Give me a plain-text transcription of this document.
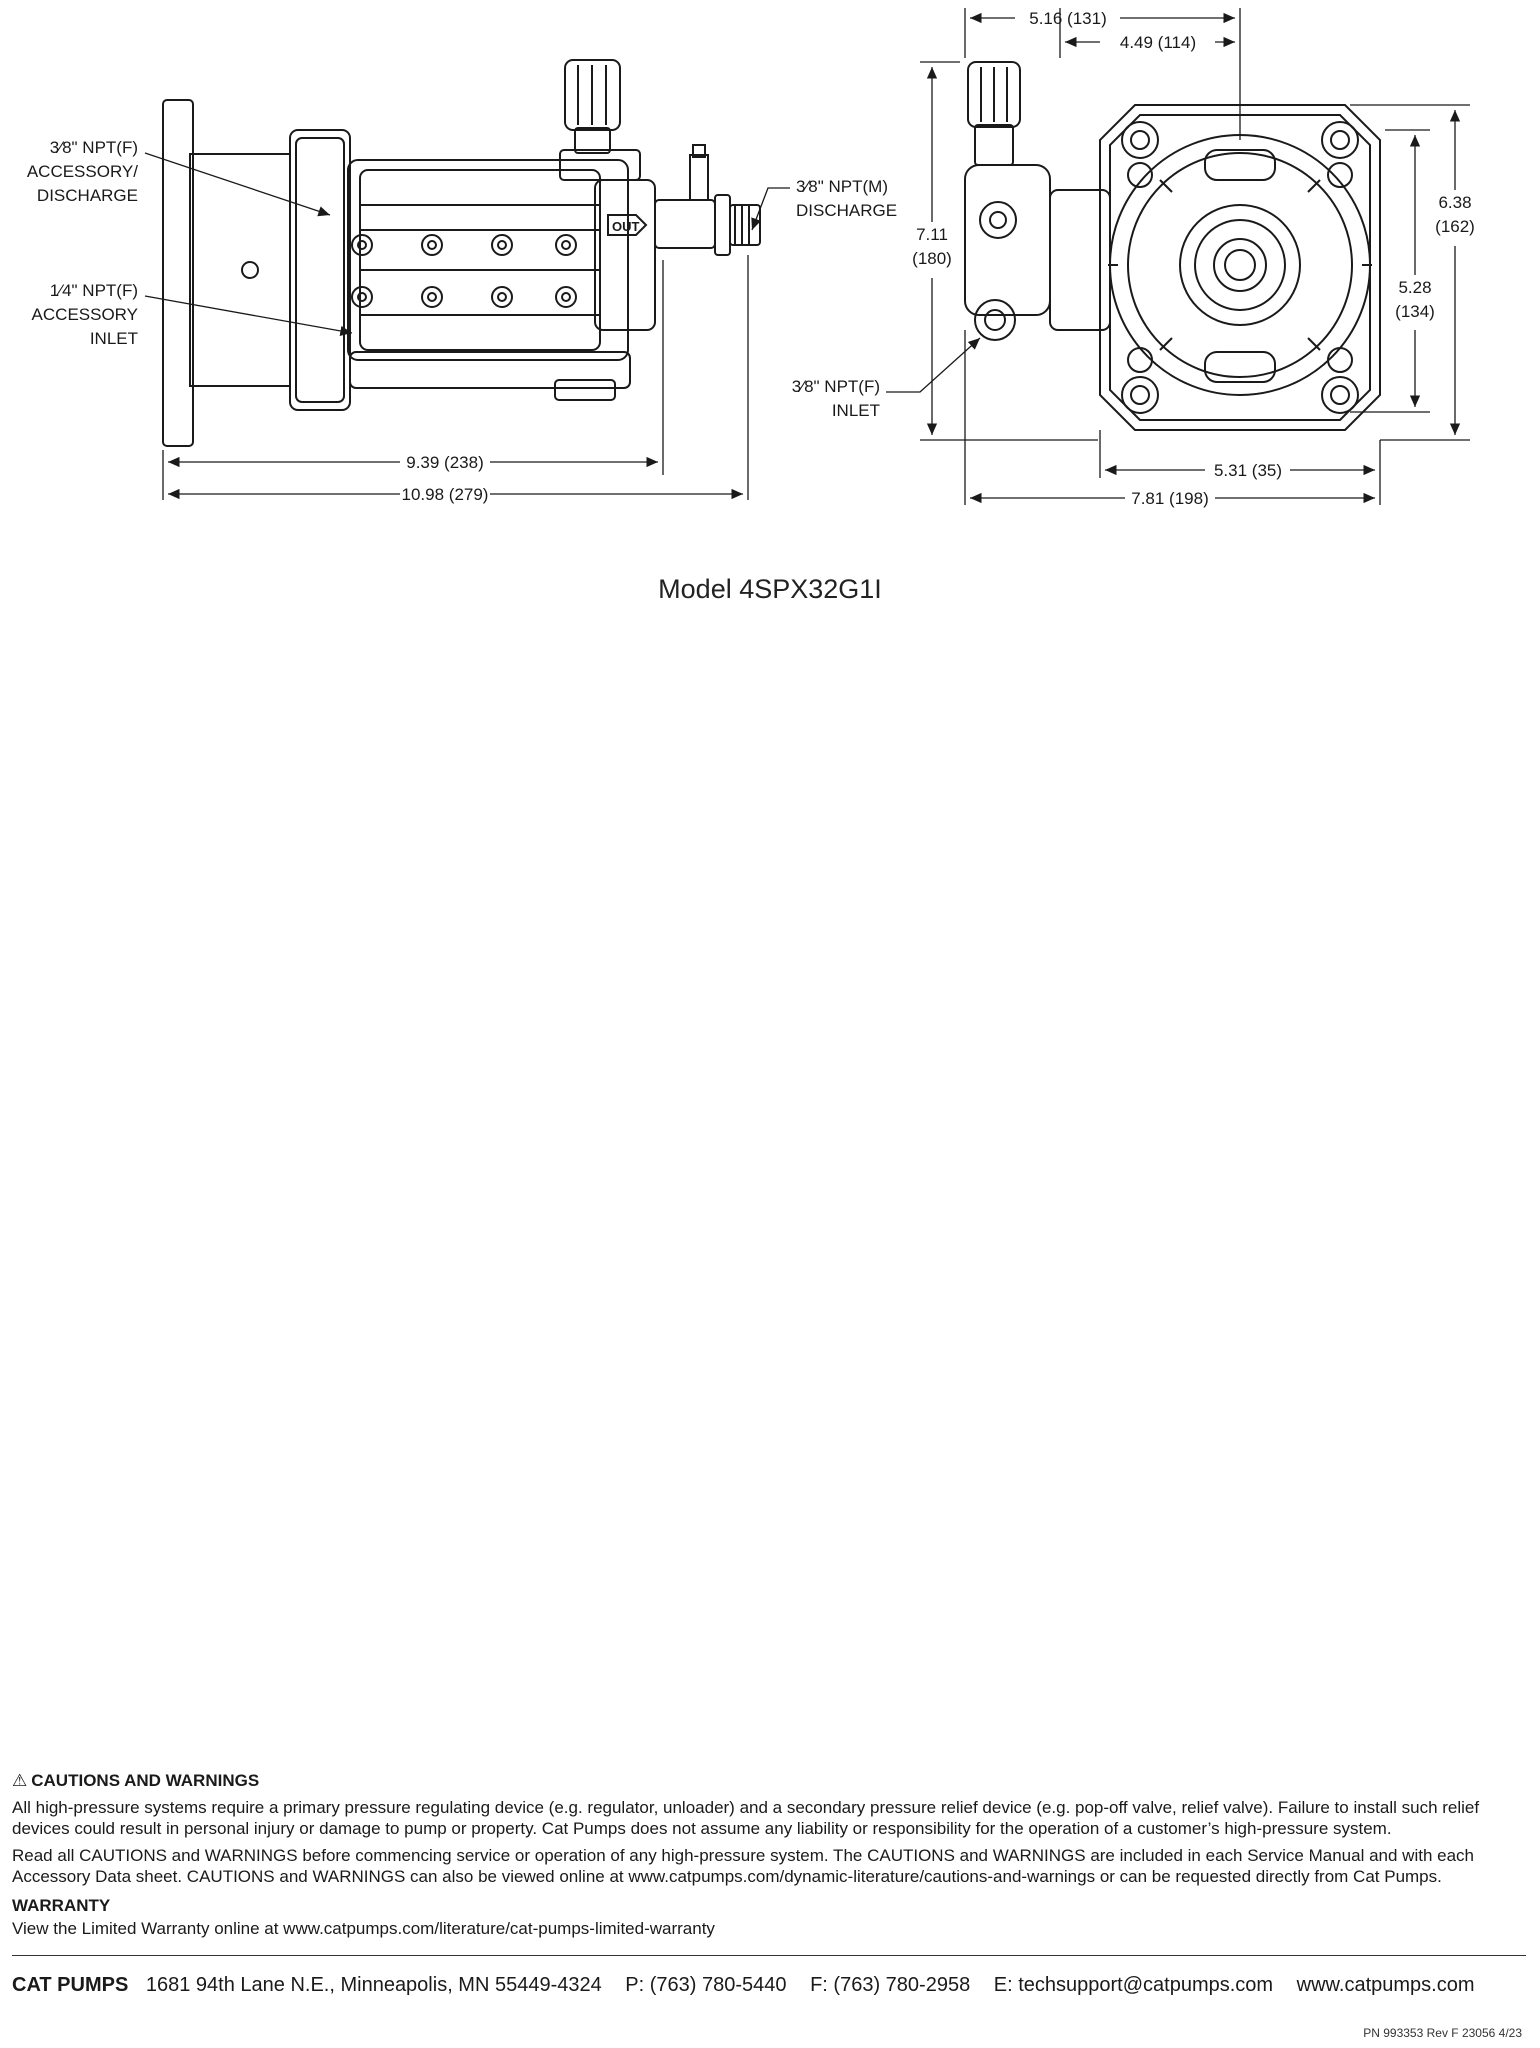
OUT
3⁄8" NPT(F)
ACCESSORY/
DISCHARGE
1⁄4" NPT(F)
ACCESSORY
INLET
3⁄8" NPT(M)
DISCHARGE
9.39 (238)
10.98 (279)
3⁄8" NPT(F)
INLET
5.16 (131)
4.49 (114)
7.11
(180)
6.38
(162)
5.28
(134)
5.31 (35)
7.81 (198)
Model 4SPX32G1I

⚠ CAUTIONS AND WARNINGS

All high-pressure systems require a primary pressure regulating device (e.g. regulator, unloader) and a secondary pressure relief device (e.g. pop-off valve, relief valve). Failure to install such relief devices could result in personal injury or damage to pump or property. Cat Pumps does not assume any liability or responsibility for the operation of a customer’s high-pressure system.

Read all CAUTIONS and WARNINGS before commencing service or operation of any high-pressure system. The CAUTIONS and WARNINGS are included in each Service Manual and with each Accessory Data sheet. CAUTIONS and WARNINGS can also be viewed online at www.catpumps.com/dynamic-literature/cautions-and-warnings or can be requested directly from Cat Pumps.

WARRANTY

View the Limited Warranty online at www.catpumps.com/literature/cat-pumps-limited-warranty

CAT PUMPS 1681 94th Lane N.E., Minneapolis, MN 55449-4324 P: (763) 780-5440 F: (763) 780-2958 E: techsupport@catpumps.com www.catpumps.com
PN 993353 Rev F 23056 4/23
